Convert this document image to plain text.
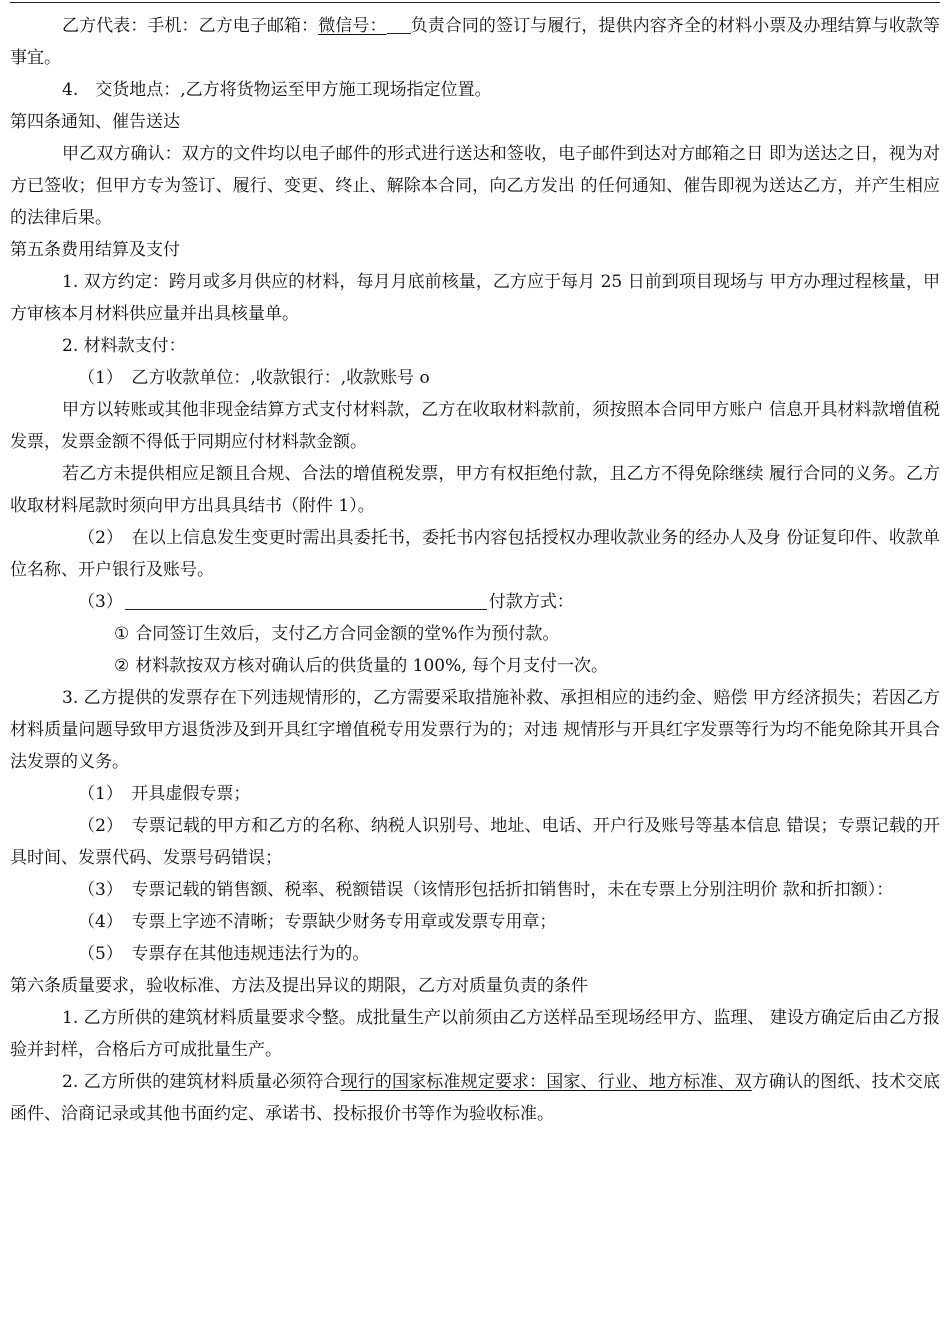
乙方代表：手机：乙方电子邮箱：微信号： 负责合同的签订与履行，提供内容齐全的材料小票及办理结算与收款等事宜。

4.　交货地点：,乙方将货物运至甲方施工现场指定位置。

第四条通知、催告送达

甲乙双方确认：双方的文件均以电子邮件的形式进行送达和签收，电子邮件到达对方邮箱之日 即为送达之日，视为对方已签收；但甲方专为签订、履行、变更、终止、解除本合同，向乙方发出 的任何通知、催告即视为送达乙方，并产生相应的法律后果。

第五条费用结算及支付

1. 双方约定：跨月或多月供应的材料，每月月底前核量，乙方应于每月 25 日前到项目现场与 甲方办理过程核量，甲方审核本月材料供应量并出具核量单。

2. 材料款支付：

（1）　乙方收款单位：,收款银行：,收款账号 o

甲方以转账或其他非现金结算方式支付材料款，乙方在收取材料款前，须按照本合同甲方账户 信息开具材料款增值税发票，发票金额不得低于同期应付材料款金额。

若乙方未提供相应足额且合规、合法的增值税发票，甲方有权拒绝付款，且乙方不得免除继续 履行合同的义务。乙方收取材料尾款时须向甲方出具具结书（附件 1）。

（2）　在以上信息发生变更时需出具委托书，委托书内容包括授权办理收款业务的经办人及身 份证复印件、收款单位名称、开户银行及账号。

（3）	付款方式：

① 合同签订生效后，支付乙方合同金额的堂%作为预付款。

② 材料款按双方核对确认后的供货量的 100%, 每个月支付一次。

3. 乙方提供的发票存在下列违规情形的，乙方需要采取措施补救、承担相应的违约金、赔偿 甲方经济损失；若因乙方材料质量问题导致甲方退货涉及到开具红字增值税专用发票行为的；对违 规情形与开具红字发票等行为均不能免除其开具合法发票的义务。

（1）　开具虚假专票；

（2）　专票记载的甲方和乙方的名称、纳税人识别号、地址、电话、开户行及账号等基本信息 错误；专票记载的开具时间、发票代码、发票号码错误；

（3）　专票记载的销售额、税率、税额错误（该情形包括折扣销售时，未在专票上分别注明价 款和折扣额）：

（4）　专票上字迹不清晰；专票缺少财务专用章或发票专用章；

（5）　专票存在其他违规违法行为的。

第六条质量要求，验收标准、方法及提出异议的期限，乙方对质量负责的条件

1. 乙方所供的建筑材料质量要求令整。成批量生产以前须由乙方送样品至现场经甲方、监理、 建设方确定后由乙方报验并封样，合格后方可成批量生产。

2. 乙方所供的建筑材料质量必须符合现行的国家标准规定要求：国家、行业、地方标准、双方确认的图纸、技术交底函件、洽商记录或其他书面约定、承诺书、投标报价书等作为验收标准。
